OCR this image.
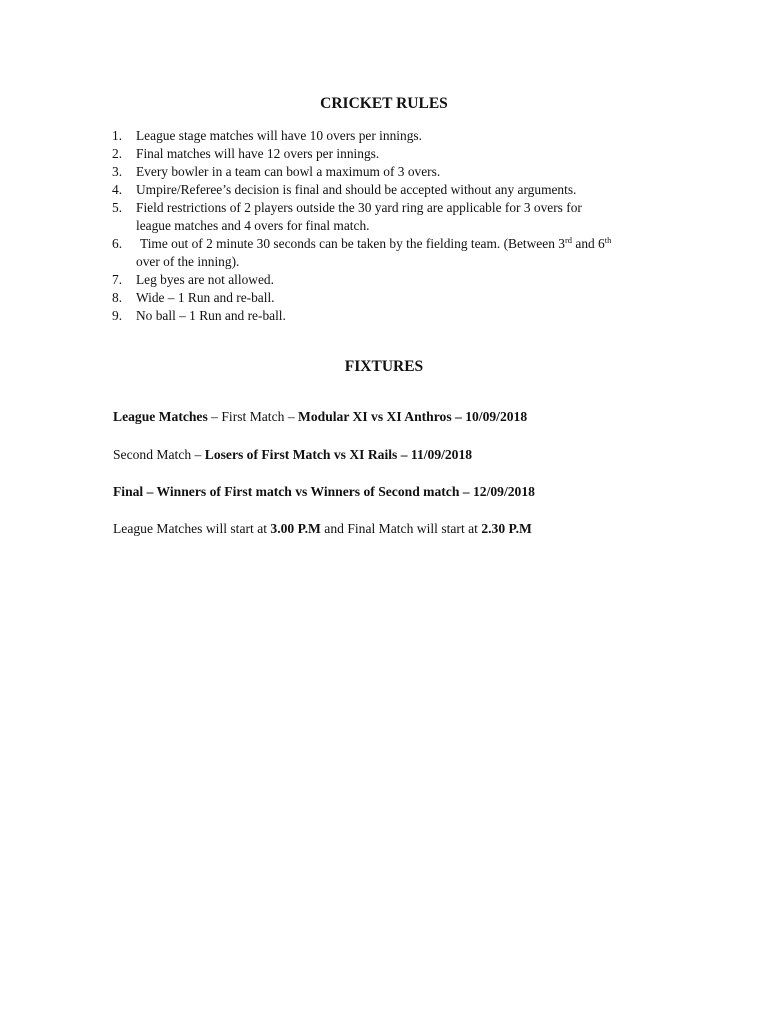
CRICKET RULES
1. League stage matches will have 10 overs per innings.
2. Final matches will have 12 overs per innings.
3. Every bowler in a team can bowl a maximum of 3 overs.
4. Umpire/Referee’s decision is final and should be accepted without any arguments.
5. Field restrictions of 2 players outside the 30 yard ring are applicable for 3 overs for
league matches and 4 overs for final match.
6. Time out of 2 minute 30 seconds can be taken by the fielding team. (Between 3rd and 6th
over of the inning).
7. Leg byes are not allowed.
8. Wide – 1 Run and re-ball.
9. No ball – 1 Run and re-ball.
FIXTURES

League Matches – First Match – Modular XI vs XI Anthros – 10/09/2018

Second Match – Losers of First Match vs XI Rails – 11/09/2018

Final – Winners of First match vs Winners of Second match – 12/09/2018

League Matches will start at 3.00 P.M and Final Match will start at 2.30 P.M
